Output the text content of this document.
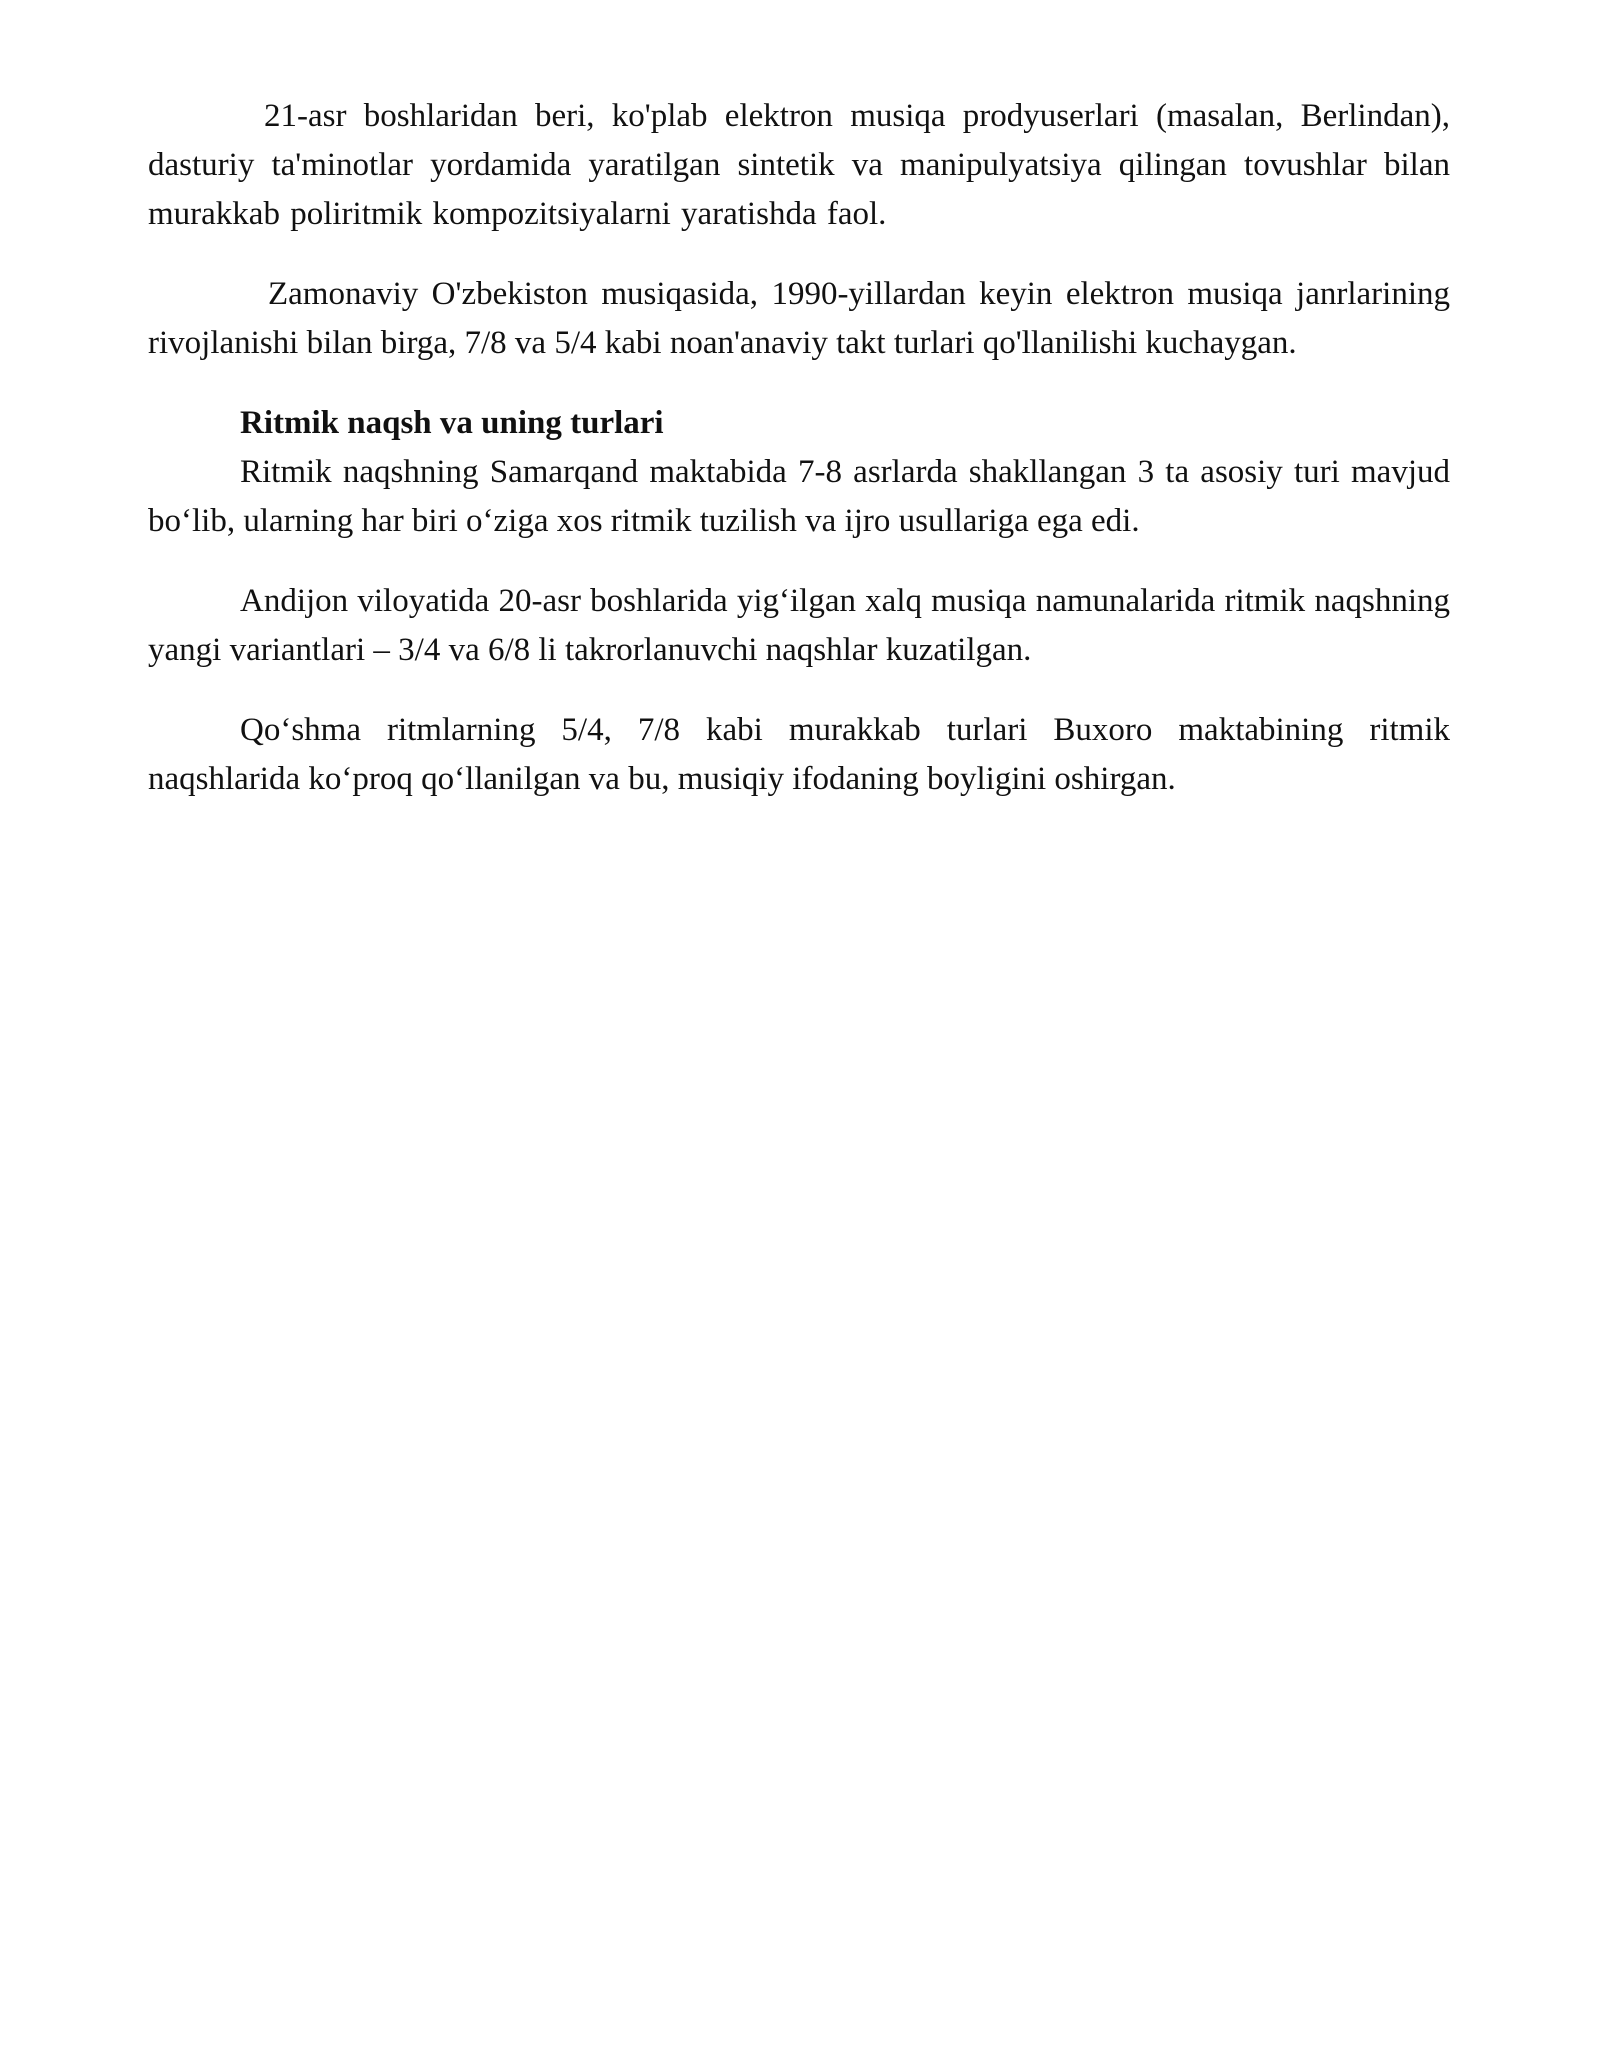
21-asr boshlaridan beri, ko'plab elektron musiqa prodyuserlari (masalan, Berlindan), dasturiy ta'minotlar yordamida yaratilgan sintetik va manipulyatsiya qilingan tovushlar bilan murakkab poliritmik kompozitsiyalarni yaratishda faol.

Zamonaviy O'zbekiston musiqasida, 1990-yillardan keyin elektron musiqa janrlarining rivojlanishi bilan birga, 7/8 va 5/4 kabi noan'anaviy takt turlari qo'llanilishi kuchaygan.

Ritmik naqsh va uning turlari

Ritmik naqshning Samarqand maktabida 7-8 asrlarda shakllangan 3 ta asosiy turi mavjud bo‘lib, ularning har biri o‘ziga xos ritmik tuzilish va ijro usullariga ega edi.

Andijon viloyatida 20-asr boshlarida yig‘ilgan xalq musiqa namunalarida ritmik naqshning yangi variantlari – 3/4 va 6/8 li takrorlanuvchi naqshlar kuzatilgan.

Qo‘shma ritmlarning 5/4, 7/8 kabi murakkab turlari Buxoro maktabining ritmik naqshlarida ko‘proq qo‘llanilgan va bu, musiqiy ifodaning boyligini oshirgan.
